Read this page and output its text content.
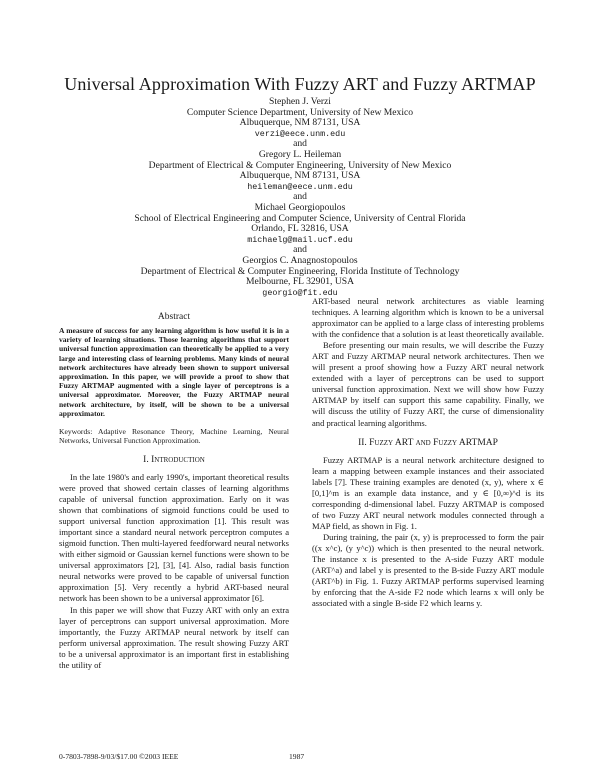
Universal Approximation With Fuzzy ART and Fuzzy ARTMAP
Stephen J. Verzi
Computer Science Department, University of New Mexico
Albuquerque, NM 87131, USA
verzi@eece.unm.edu
and
Gregory L. Heileman
Department of Electrical & Computer Engineering, University of New Mexico
Albuquerque, NM 87131, USA
heileman@eece.unm.edu
and
Michael Georgiopoulos
School of Electrical Engineering and Computer Science, University of Central Florida
Orlando, FL 32816, USA
michaelg@mail.ucf.edu
and
Georgios C. Anagnostopoulos
Department of Electrical & Computer Engineering, Florida Institute of Technology
Melbourne, FL 32901, USA
georgio@fit.edu
Abstract

A measure of success for any learning algorithm is how useful it is in a variety of learning situations. Those learning algorithms that support universal function approximation can theoretically be applied to a very large and interesting class of learning problems. Many kinds of neural network architectures have already been shown to support universal approximation. In this paper, we will provide a proof to show that Fuzzy ARTMAP augmented with a single layer of perceptrons is a universal approximator. Moreover, the Fuzzy ARTMAP neural network architecture, by itself, will be shown to be a universal approximator.

Keywords: Adaptive Resonance Theory, Machine Learning, Neural Networks, Universal Function Approximation.

I. Introduction

In the late 1980's and early 1990's, important theoretical results were proved that showed certain classes of learning algorithms capable of universal function approximation. Early on it was shown that combinations of sigmoid functions could be used to support universal function approximation [1]. This result was important since a standard neural network perceptron computes a sigmoid function. Then multi-layered feedforward neural networks with either sigmoid or Gaussian kernel functions were shown to be universal approximators [2], [3], [4]. Also, radial basis function neural networks were proved to be capable of universal function approximation [5]. Very recently a hybrid ART-based neural network has been shown to be a universal approximator [6].

In this paper we will show that Fuzzy ART with only an extra layer of perceptrons can support universal approximation. More importantly, the Fuzzy ARTMAP neural network by itself can perform universal approximation. The result showing Fuzzy ART to be a universal approximator is an important first in establishing the utility of

ART-based neural network architectures as viable learning techniques. A learning algorithm which is known to be a universal approximator can be applied to a large class of interesting problems with the confidence that a solution is at least theoretically available.

Before presenting our main results, we will describe the Fuzzy ART and Fuzzy ARTMAP neural network architectures. Then we will present a proof showing how a Fuzzy ART neural network extended with a layer of perceptrons can be used to support universal function approximation. Next we will show how Fuzzy ARTMAP by itself can support this same capability. Finally, we will discuss the utility of Fuzzy ART, the curse of dimensionality and practical learning algorithms.

II. Fuzzy ART and Fuzzy ARTMAP

Fuzzy ARTMAP is a neural network architecture designed to learn a mapping between example instances and their associated labels [7]. These training examples are denoted (x, y), where x ∈ [0,1]^m is an example data instance, and y ∈ [0,∞)^d is its corresponding d-dimensional label. Fuzzy ARTMAP is composed of two Fuzzy ART neural network modules connected through a MAP field, as shown in Fig. 1.

During training, the pair (x, y) is preprocessed to form the pair ((x x^c), (y y^c)) which is then presented to the neural network. The instance x is presented to the A-side Fuzzy ART module (ART^a) and label y is presented to the B-side Fuzzy ART module (ART^b) in Fig. 1. Fuzzy ARTMAP performs supervised learning by enforcing that the A-side F2 node which learns x will only be associated with a single B-side F2 which learns y.

0-7803-7898-9/03/$17.00 ©2003 IEEE	1987
